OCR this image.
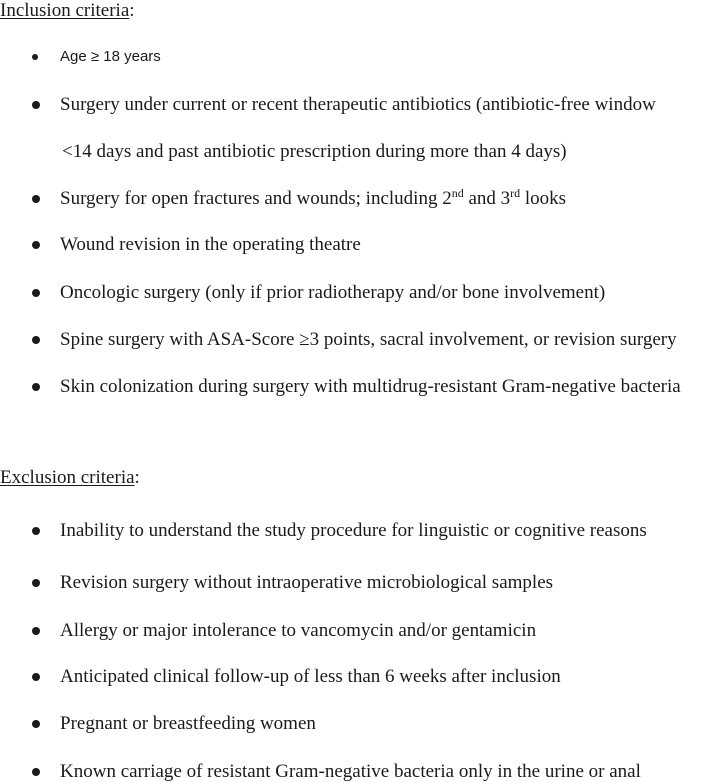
Inclusion criteria:
Age ≥ 18 years
Surgery under current or recent therapeutic antibiotics (antibiotic-free window
<14 days and past antibiotic prescription during more than 4 days)
Surgery for open fractures and wounds; including 2nd and 3rd looks
Wound revision in the operating theatre
Oncologic surgery (only if prior radiotherapy and/or bone involvement)
Spine surgery with ASA-Score ≥3 points, sacral involvement, or revision surgery
Skin colonization during surgery with multidrug-resistant Gram-negative bacteria
Exclusion criteria:
Inability to understand the study procedure for linguistic or cognitive reasons
Revision surgery without intraoperative microbiological samples
Allergy or major intolerance to vancomycin and/or gentamicin
Anticipated clinical follow-up of less than 6 weeks after inclusion
Pregnant or breastfeeding women
Known carriage of resistant Gram-negative bacteria only in the urine or anal
